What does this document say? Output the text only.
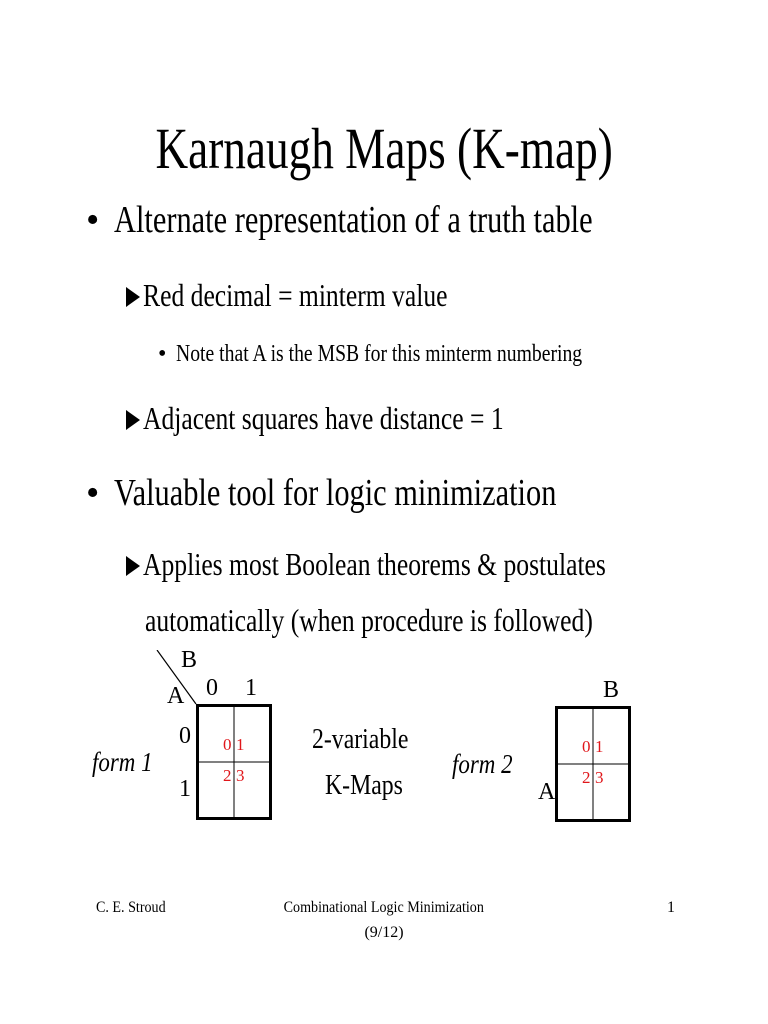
Karnaugh Maps (K-map)
• Alternate representation of a truth table
Red decimal = minterm value
• Note that A is the MSB for this minterm numbering
Adjacent squares have distance = 1
• Valuable tool for logic minimization
Applies most Boolean theorems & postulates
automatically (when procedure is followed)
form 1
B
A 0 1
0
1
0 1
2 3
2-variable
K-Maps
form 2
B
A
0 1
2 3
C. E. Stroud	Combinational Logic Minimization
(9/12)
1
